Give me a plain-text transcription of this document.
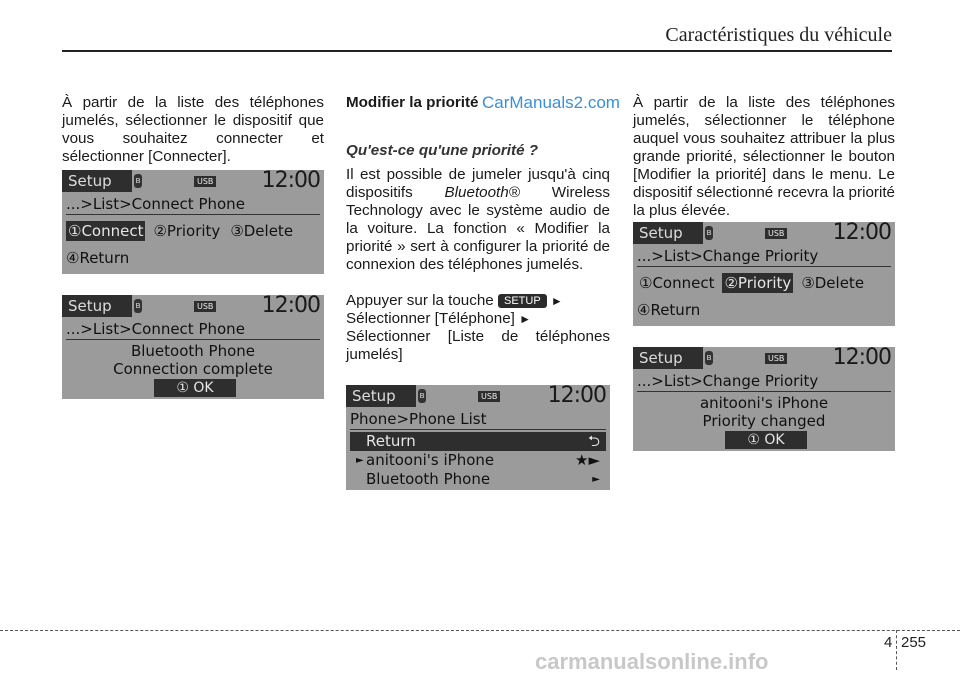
Caractéristiques du véhicule
CarManuals2.com

À partir de la liste des téléphones jumelés, sélectionner le dispositif que vous souhaitez connecter et sélectionner [Connecter].

Setup	ʙ	USB 12:00
...>List>Connect Phone
①Connect ②Priority ③Delete
④Return
Setup	ʙ	USB 12:00
...>List>Connect Phone
Bluetooth Phone
Connection complete
① OK

Modifier la priorité

Qu'est-ce qu'une priorité ?

Il est possible de jumeler jusqu'à cinq dispositifs Bluetooth® Wireless Technology avec le système audio de la voiture. La fonction « Modifier la priorité » sert à configurer la priorité de connexion des téléphones jumelés.

Appuyer sur la touche SETUP ►

Sélectionner [Téléphone] ►

Sélectionner [Liste de téléphones jumelés]

Setup	ʙ	USB 12:00
Phone>Phone List
Return	⮌
► anitooni's iPhone	★►
Bluetooth Phone	►

À partir de la liste des téléphones jumelés, sélectionner le téléphone auquel vous souhaitez attribuer la plus grande priorité, sélectionner le bouton [Modifier la priorité] dans le menu. Le dispositif sélectionné recevra la priorité la plus élevée.

Setup	ʙ	USB 12:00
...>List>Change Priority
①Connect ②Priority ③Delete
④Return
Setup	ʙ	USB 12:00
...>List>Change Priority
anitooni's iPhone
Priority changed
① OK
4 255
carmanualsonline.info
